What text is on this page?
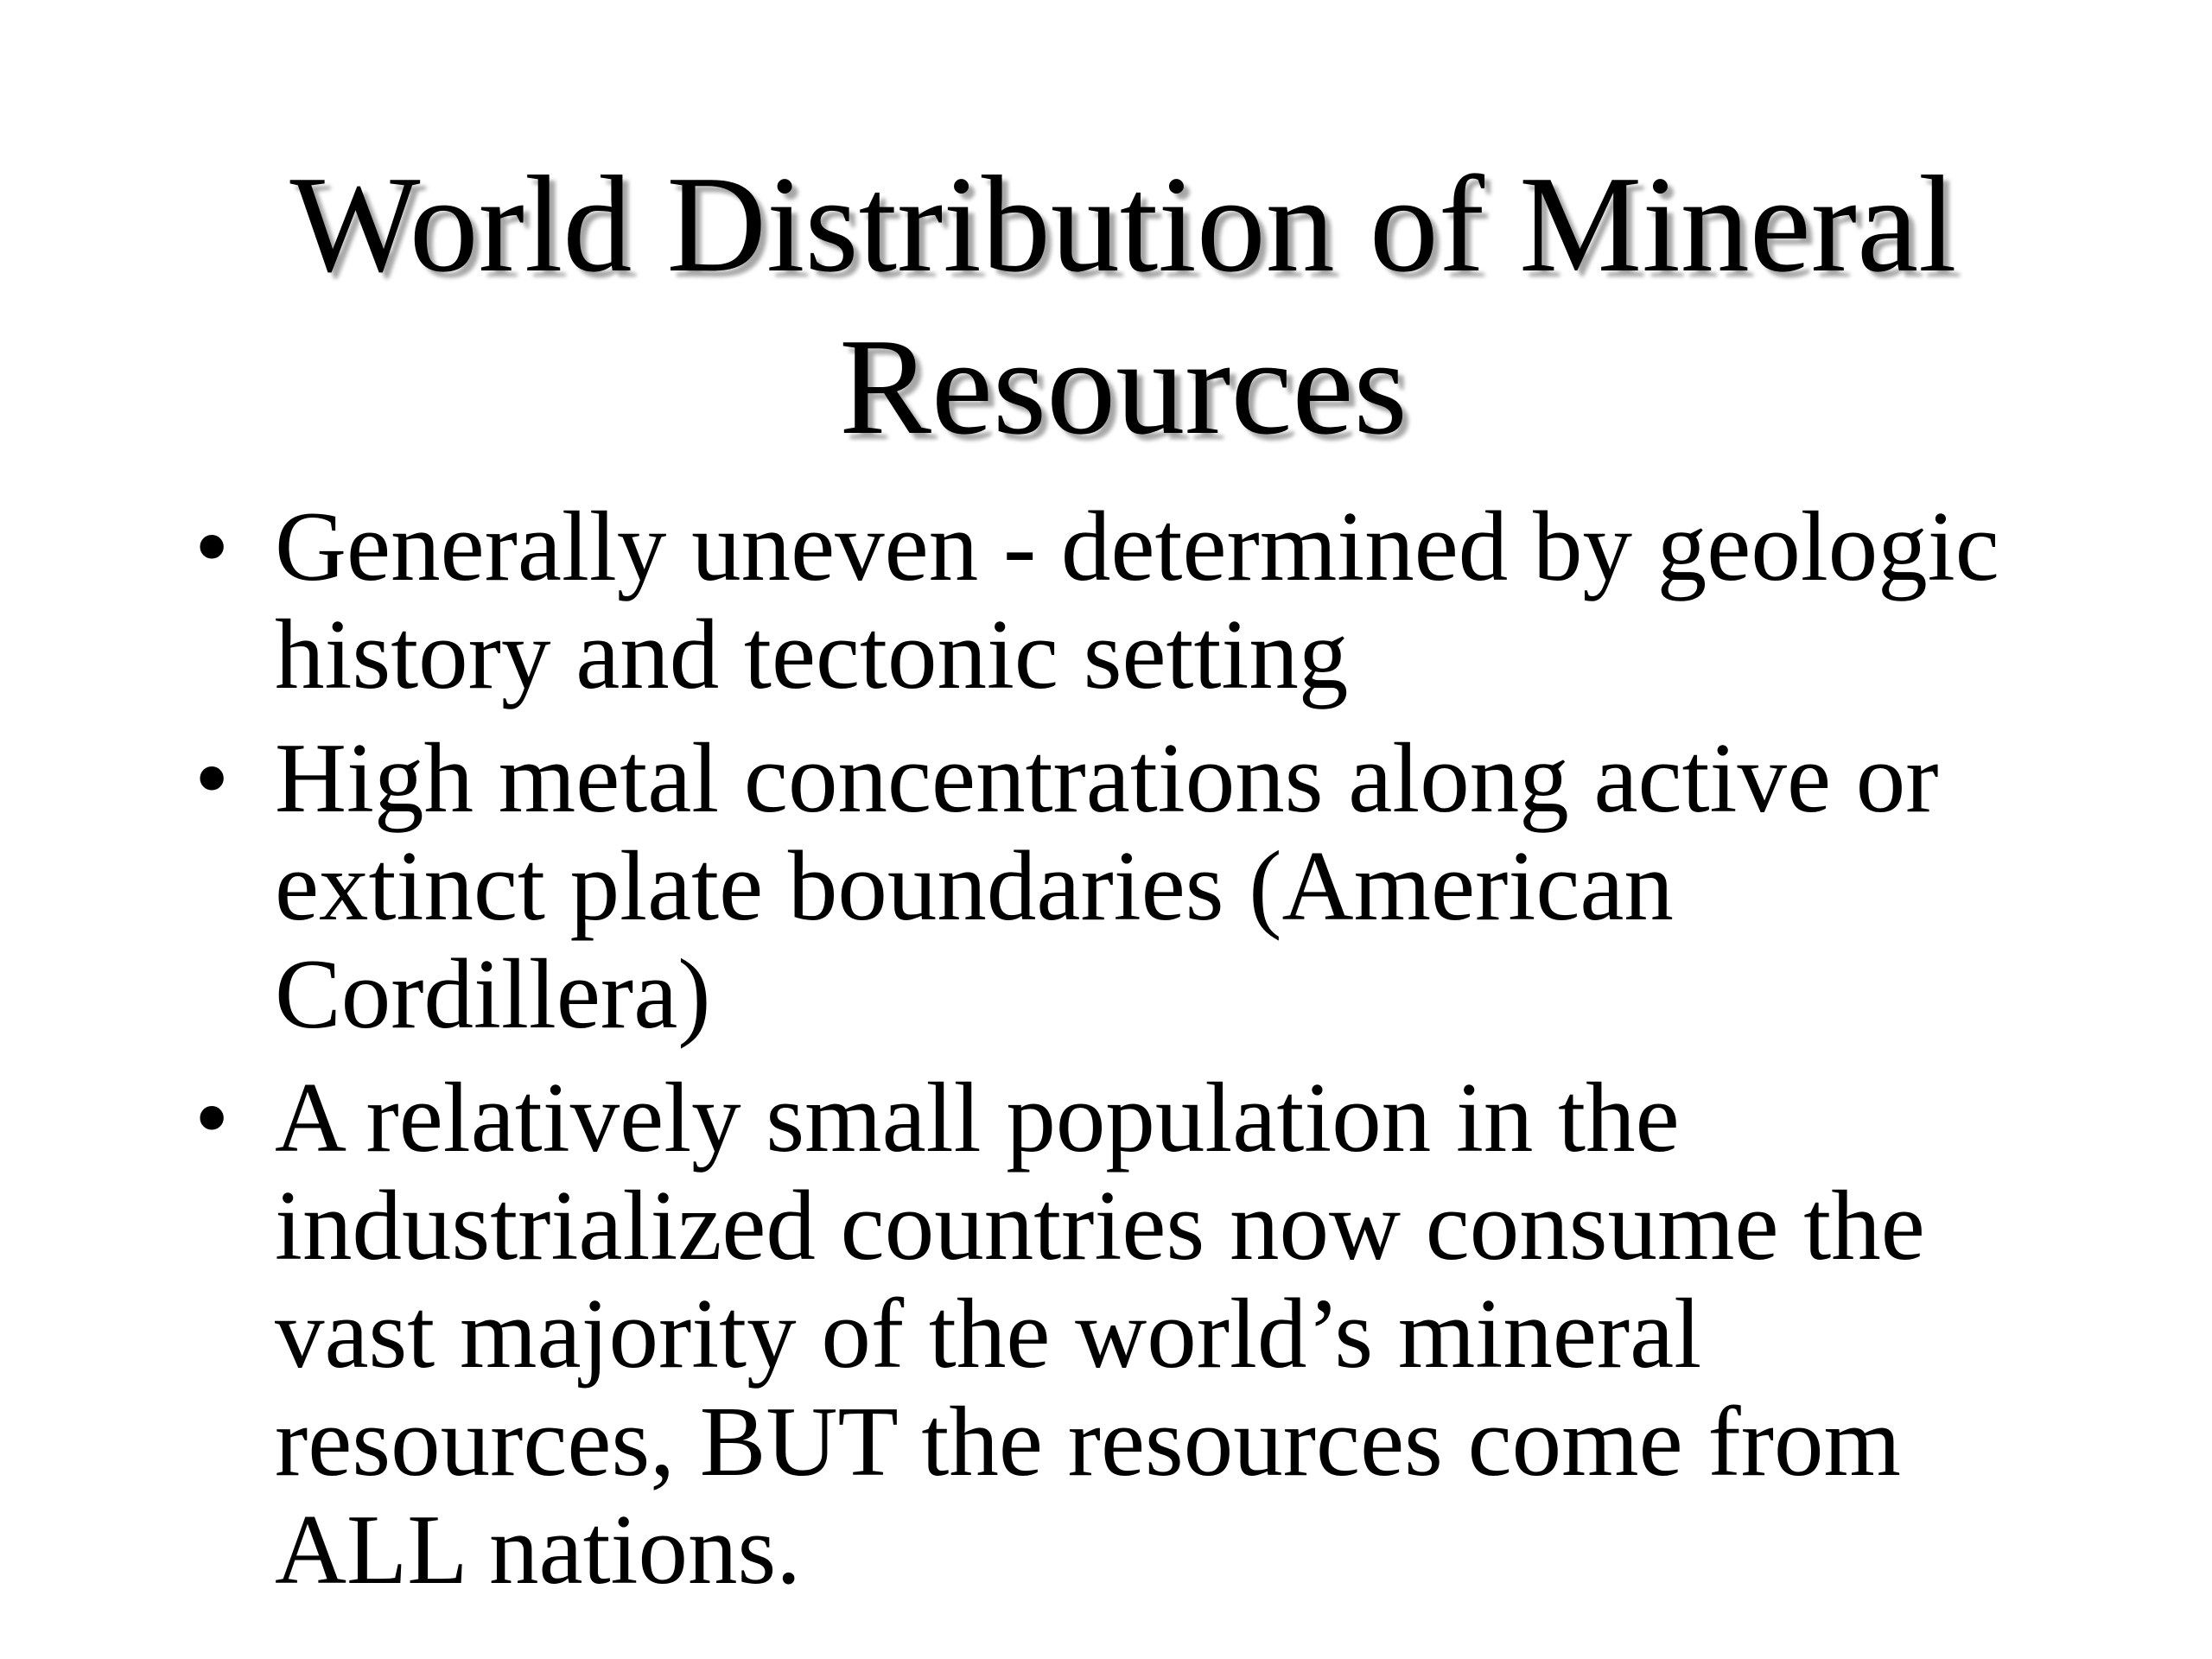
World Distribution of Mineral
Resources
• Generally uneven - determined by geologic
history and tectonic setting
• High metal concentrations along active or
extinct plate boundaries (American
Cordillera)
• A relatively small population in the
industrialized countries now consume the
vast majority of the world’s mineral
resources, BUT the resources come from
ALL nations.
